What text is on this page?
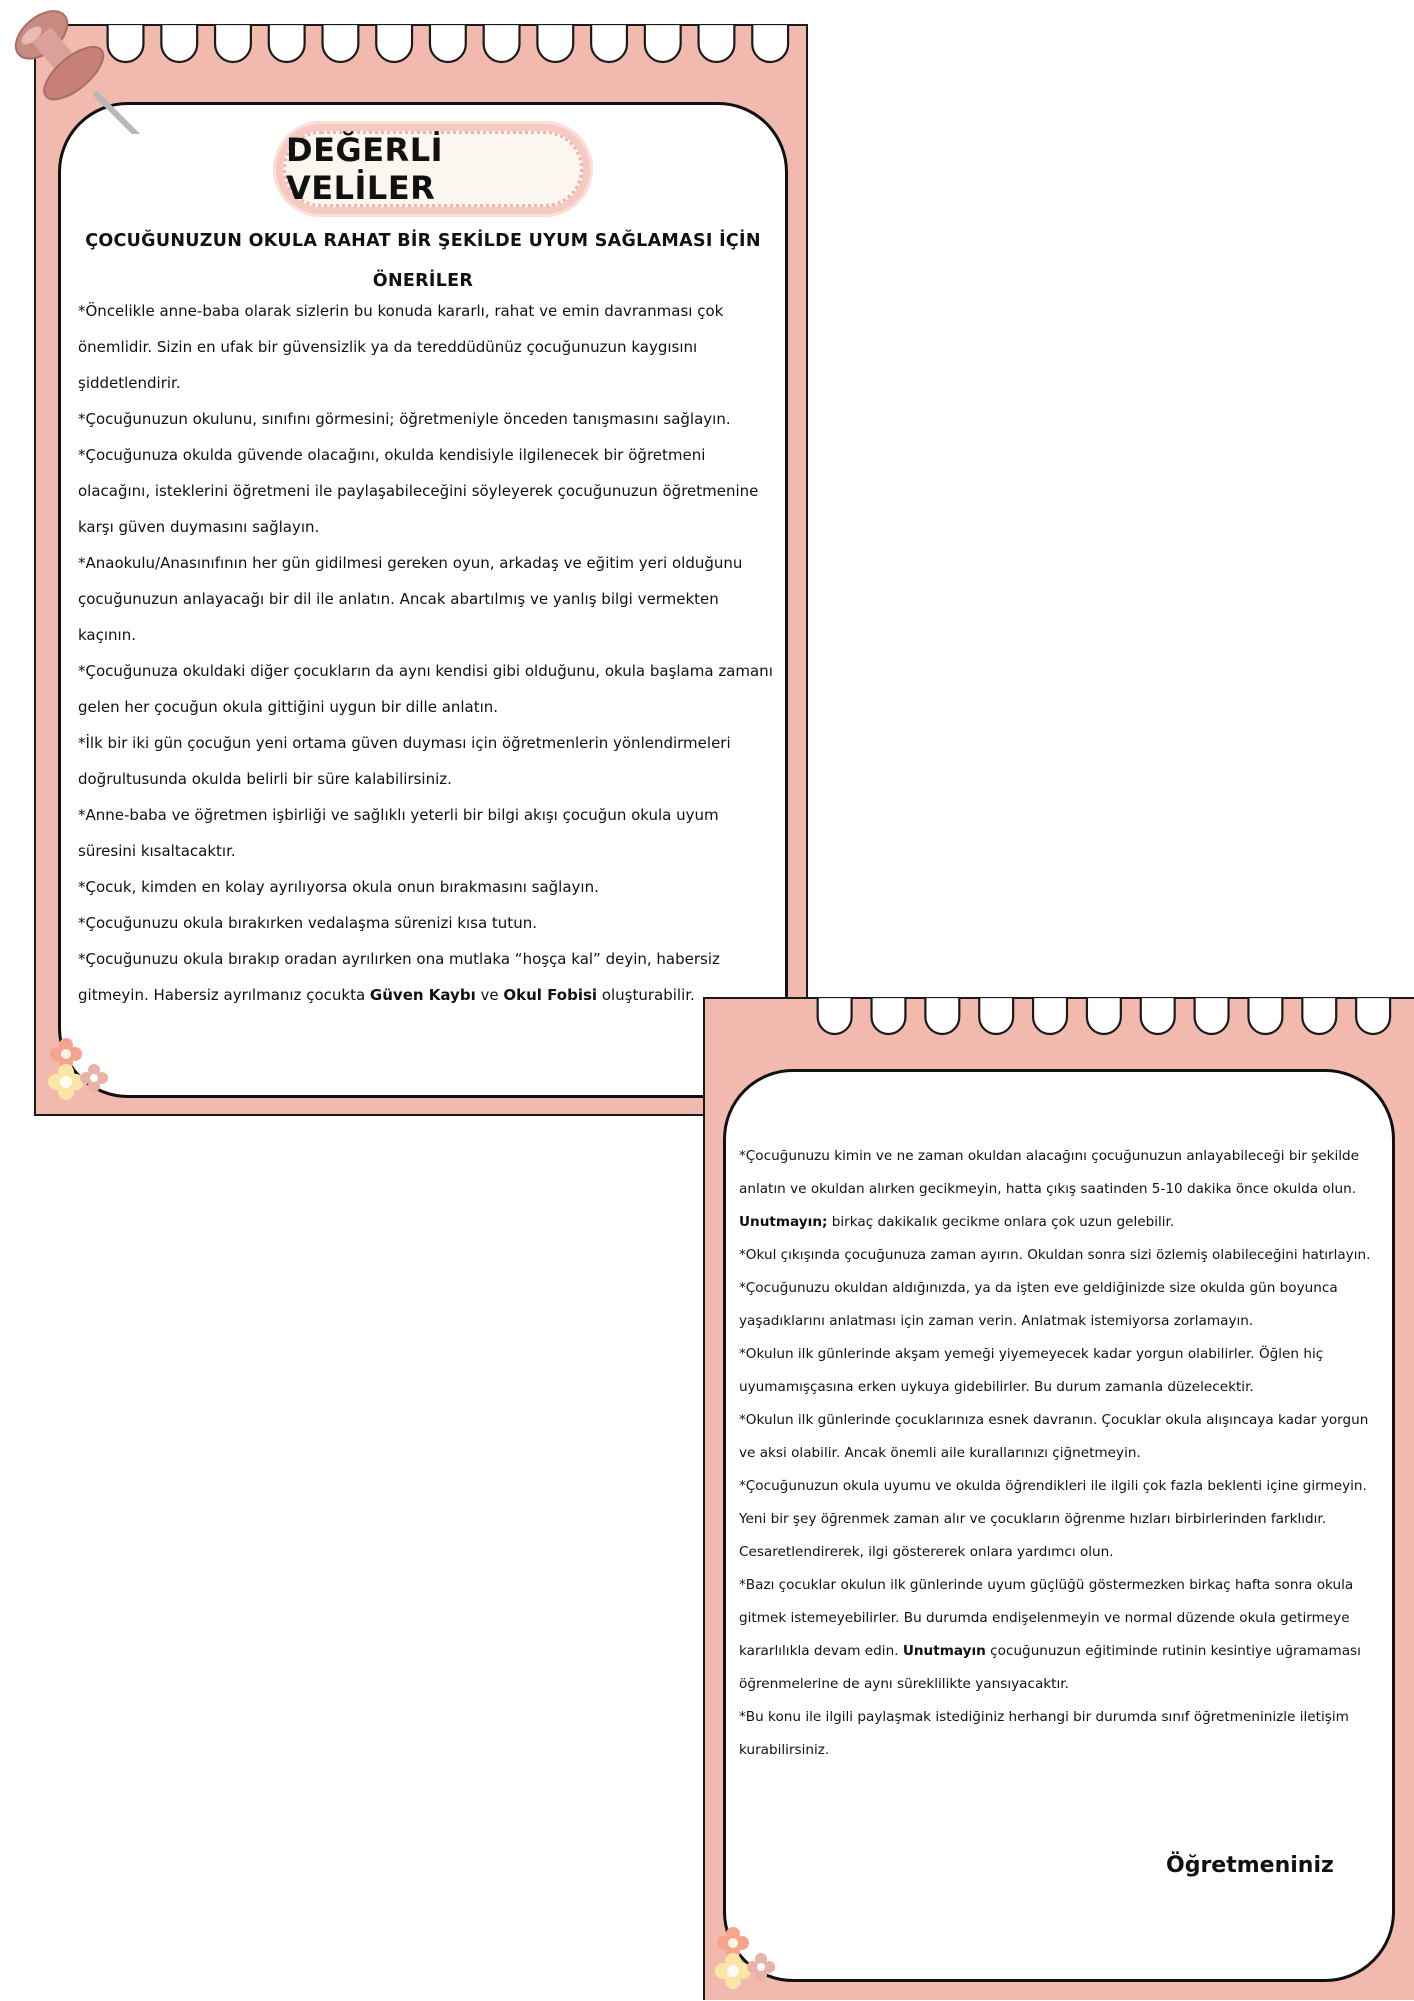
DEĞERLİ VELİLER
ÇOCUĞUNUZUN OKULA RAHAT BİR ŞEKİLDE UYUM SAĞLAMASI İÇİN ÖNERİLER

*Öncelikle anne-baba olarak sizlerin bu konuda kararlı, rahat ve emin davranması çok önemlidir. Sizin en ufak bir güvensizlik ya da tereddüdünüz çocuğunuzun kaygısını şiddetlendirir.

*Çocuğunuzun okulunu, sınıfını görmesini; öğretmeniyle önceden tanışmasını sağlayın.

*Çocuğunuza okulda güvende olacağını, okulda kendisiyle ilgilenecek bir öğretmeni olacağını, isteklerini öğretmeni ile paylaşabileceğini söyleyerek çocuğunuzun öğretmenine karşı güven duymasını sağlayın.

*Anaokulu/Anasınıfının her gün gidilmesi gereken oyun, arkadaş ve eğitim yeri olduğunu çocuğunuzun anlayacağı bir dil ile anlatın. Ancak abartılmış ve yanlış bilgi vermekten kaçının.

*Çocuğunuza okuldaki diğer çocukların da aynı kendisi gibi olduğunu, okula başlama zamanı gelen her çocuğun okula gittiğini uygun bir dille anlatın.

*İlk bir iki gün çocuğun yeni ortama güven duyması için öğretmenlerin yönlendirmeleri doğrultusunda okulda belirli bir süre kalabilirsiniz.

*Anne-baba ve öğretmen işbirliği ve sağlıklı yeterli bir bilgi akışı çocuğun okula uyum süresini kısaltacaktır.

*Çocuk, kimden en kolay ayrılıyorsa okula onun bırakmasını sağlayın.

*Çocuğunuzu okula bırakırken vedalaşma sürenizi kısa tutun.

*Çocuğunuzu okula bırakıp oradan ayrılırken ona mutlaka “hoşça kal” deyin, habersiz gitmeyin. Habersiz ayrılmanız çocukta Güven Kaybı ve Okul Fobisi oluşturabilir.

*Çocuğunuzu kimin ve ne zaman okuldan alacağını çocuğunuzun anlayabileceği bir şekilde anlatın ve okuldan alırken gecikmeyin, hatta çıkış saatinden 5-10 dakika önce okulda olun. Unutmayın; birkaç dakikalık gecikme onlara çok uzun gelebilir.

*Okul çıkışında çocuğunuza zaman ayırın. Okuldan sonra sizi özlemiş olabileceğini hatırlayın.

*Çocuğunuzu okuldan aldığınızda, ya da işten eve geldiğinizde size okulda gün boyunca yaşadıklarını anlatması için zaman verin. Anlatmak istemiyorsa zorlamayın.

*Okulun ilk günlerinde akşam yemeği yiyemeyecek kadar yorgun olabilirler. Öğlen hiç uyumamışçasına erken uykuya gidebilirler. Bu durum zamanla düzelecektir.

*Okulun ilk günlerinde çocuklarınıza esnek davranın. Çocuklar okula alışıncaya kadar yorgun ve aksi olabilir. Ancak önemli aile kurallarınızı çiğnetmeyin.

*Çocuğunuzun okula uyumu ve okulda öğrendikleri ile ilgili çok fazla beklenti içine girmeyin. Yeni bir şey öğrenmek zaman alır ve çocukların öğrenme hızları birbirlerinden farklıdır. Cesaretlendirerek, ilgi göstererek onlara yardımcı olun.

*Bazı çocuklar okulun ilk günlerinde uyum güçlüğü göstermezken birkaç hafta sonra okula gitmek istemeyebilirler. Bu durumda endişelenmeyin ve normal düzende okula getirmeye kararlılıkla devam edin. Unutmayın çocuğunuzun eğitiminde rutinin kesintiye uğramaması öğrenmelerine de aynı süreklilikte yansıyacaktır.

*Bu konu ile ilgili paylaşmak istediğiniz herhangi bir durumda sınıf öğretmeninizle iletişim kurabilirsiniz.

Öğretmeniniz
